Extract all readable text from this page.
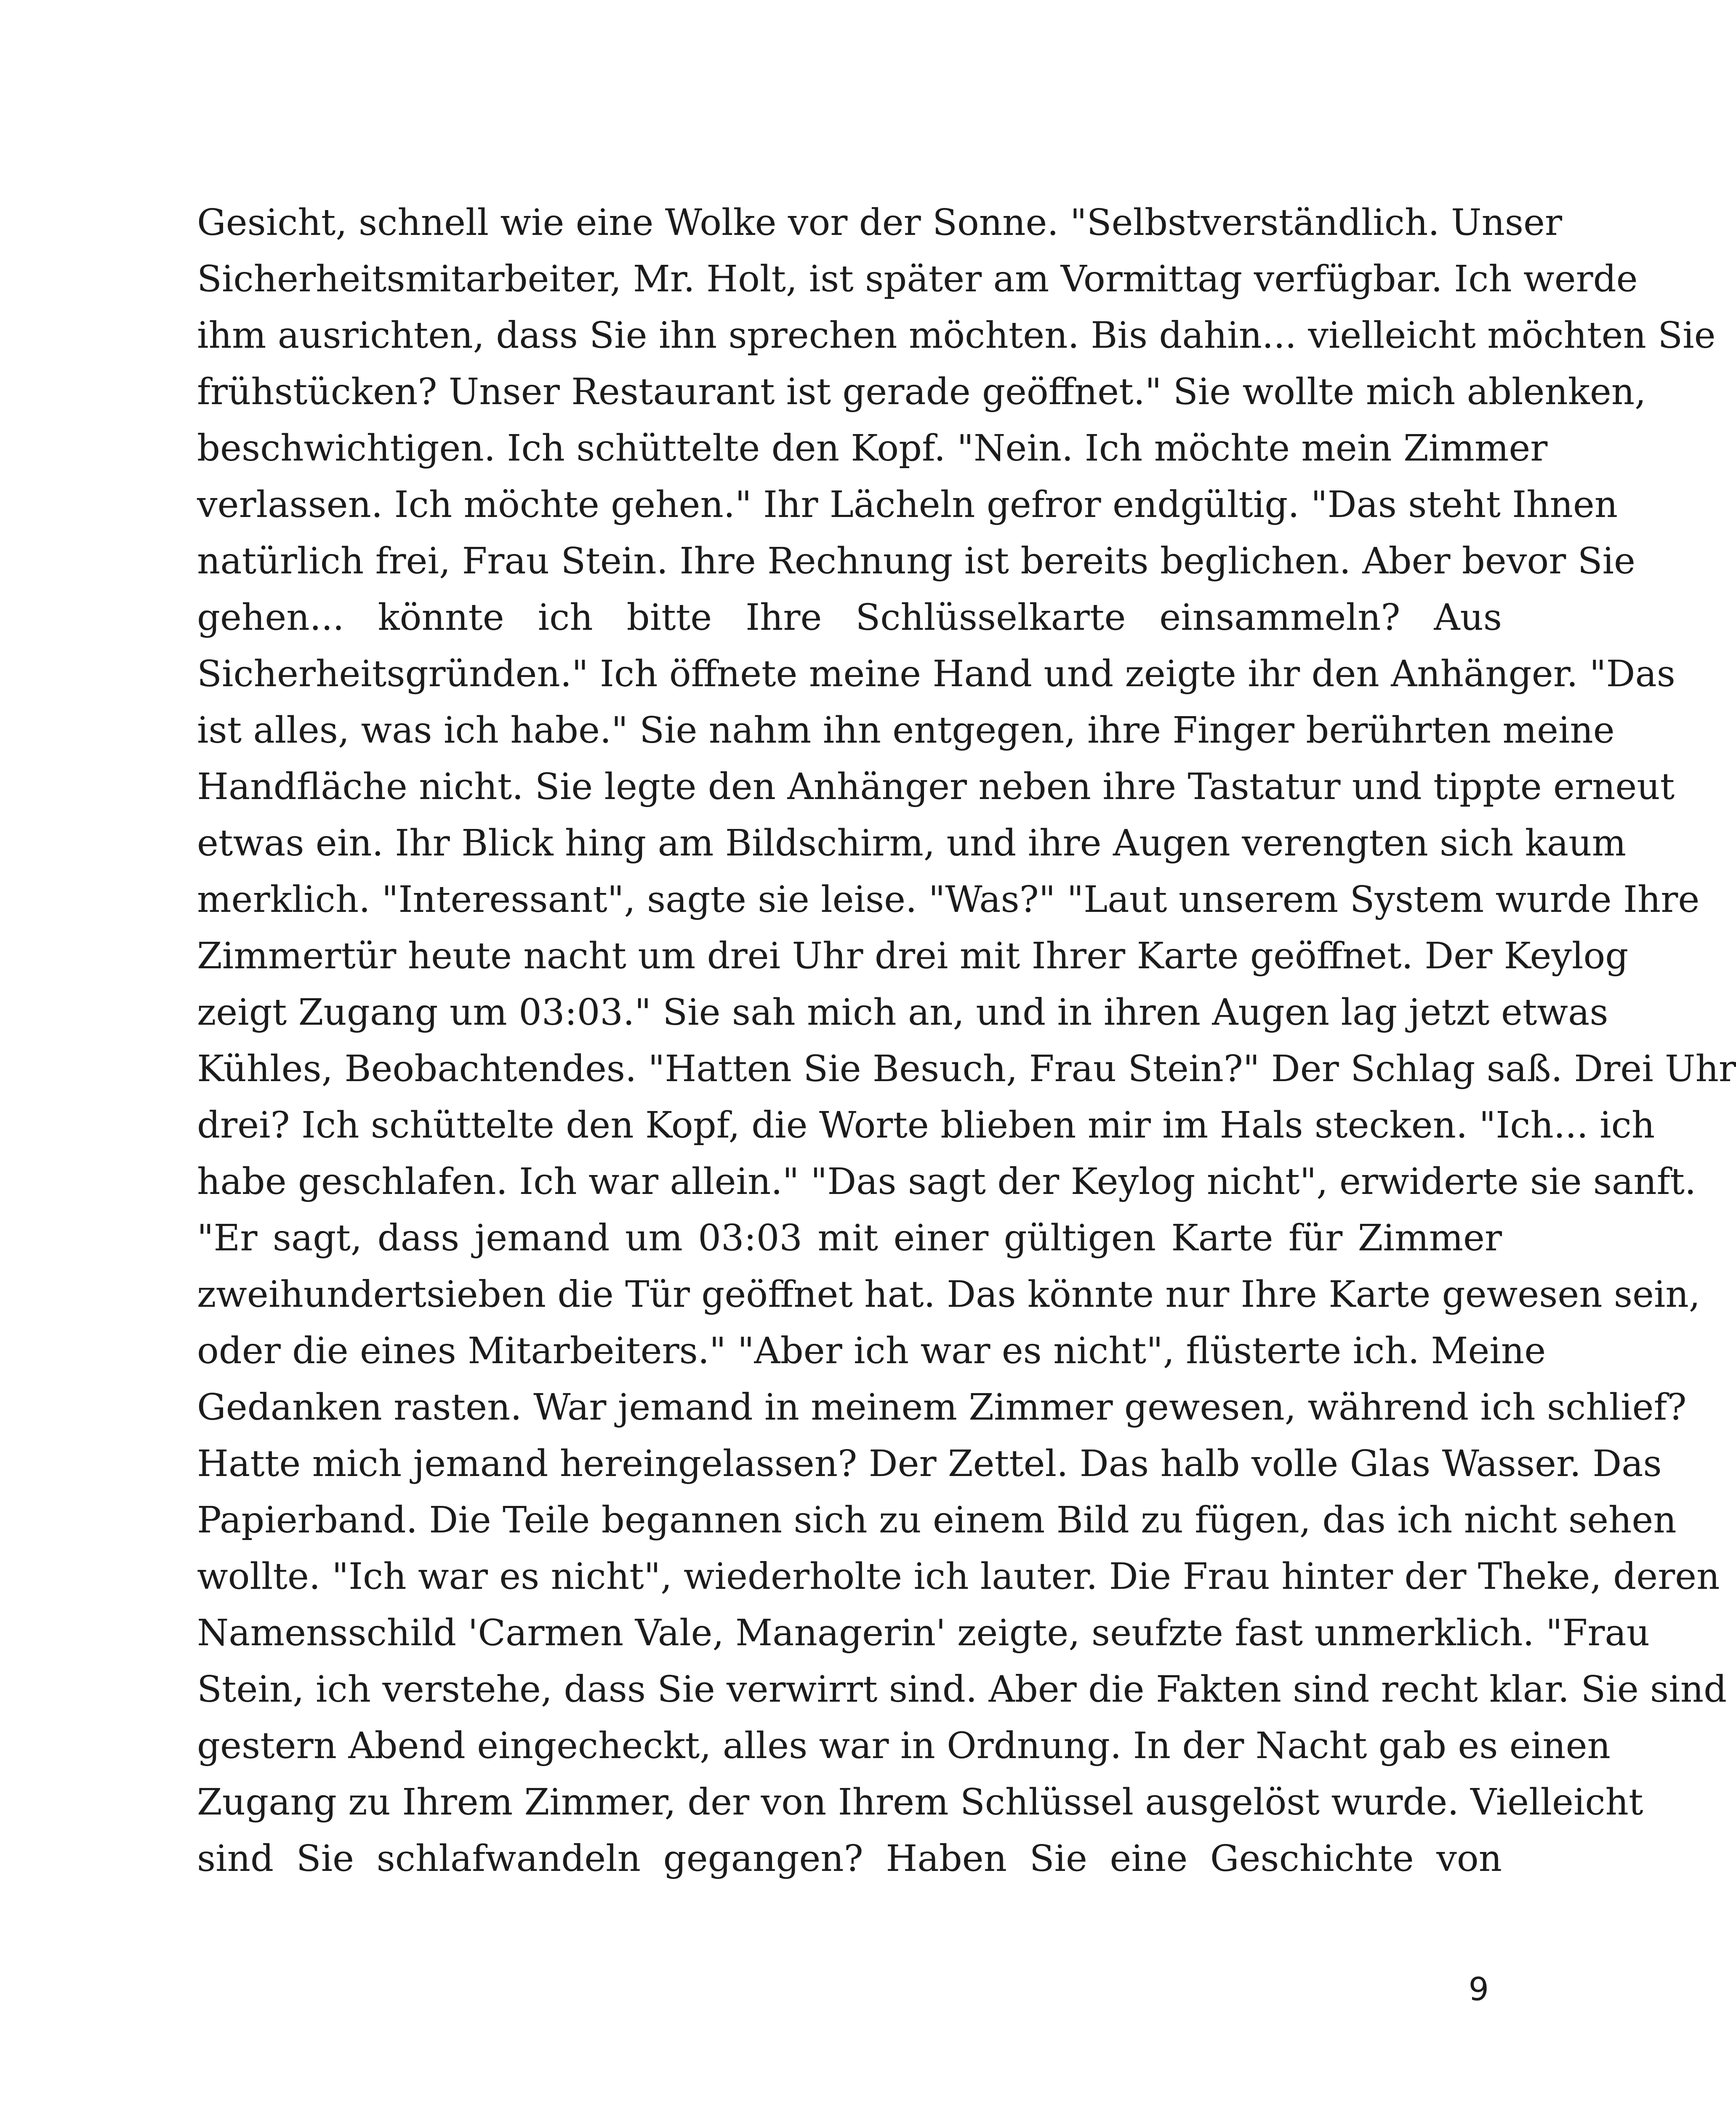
Gesicht, schnell wie eine Wolke vor der Sonne. "Selbstverständlich. Unser
Sicherheitsmitarbeiter, Mr. Holt, ist später am Vormittag verfügbar. Ich werde
ihm ausrichten, dass Sie ihn sprechen möchten. Bis dahin... vielleicht möchten Sie
frühstücken? Unser Restaurant ist gerade geöffnet." Sie wollte mich ablenken,
beschwichtigen. Ich schüttelte den Kopf. "Nein. Ich möchte mein Zimmer
verlassen. Ich möchte gehen." Ihr Lächeln gefror endgültig. "Das steht Ihnen
natürlich frei, Frau Stein. Ihre Rechnung ist bereits beglichen. Aber bevor Sie
gehen... könnte ich bitte Ihre Schlüsselkarte einsammeln? Aus
Sicherheitsgründen." Ich öffnete meine Hand und zeigte ihr den Anhänger. "Das
ist alles, was ich habe." Sie nahm ihn entgegen, ihre Finger berührten meine
Handfläche nicht. Sie legte den Anhänger neben ihre Tastatur und tippte erneut
etwas ein. Ihr Blick hing am Bildschirm, und ihre Augen verengten sich kaum
merklich. "Interessant", sagte sie leise. "Was?" "Laut unserem System wurde Ihre
Zimmertür heute nacht um drei Uhr drei mit Ihrer Karte geöffnet. Der Keylog
zeigt Zugang um 03:03." Sie sah mich an, und in ihren Augen lag jetzt etwas
Kühles, Beobachtendes. "Hatten Sie Besuch, Frau Stein?" Der Schlag saß. Drei Uhr
drei? Ich schüttelte den Kopf, die Worte blieben mir im Hals stecken. "Ich... ich
habe geschlafen. Ich war allein." "Das sagt der Keylog nicht", erwiderte sie sanft.
"Er sagt, dass jemand um 03:03 mit einer gültigen Karte für Zimmer
zweihundertsieben die Tür geöffnet hat. Das könnte nur Ihre Karte gewesen sein,
oder die eines Mitarbeiters." "Aber ich war es nicht", flüsterte ich. Meine
Gedanken rasten. War jemand in meinem Zimmer gewesen, während ich schlief?
Hatte mich jemand hereingelassen? Der Zettel. Das halb volle Glas Wasser. Das
Papierband. Die Teile begannen sich zu einem Bild zu fügen, das ich nicht sehen
wollte. "Ich war es nicht", wiederholte ich lauter. Die Frau hinter der Theke, deren
Namensschild 'Carmen Vale, Managerin' zeigte, seufzte fast unmerklich. "Frau
Stein, ich verstehe, dass Sie verwirrt sind. Aber die Fakten sind recht klar. Sie sind
gestern Abend eingecheckt, alles war in Ordnung. In der Nacht gab es einen
Zugang zu Ihrem Zimmer, der von Ihrem Schlüssel ausgelöst wurde. Vielleicht
sind Sie schlafwandeln gegangen? Haben Sie eine Geschichte von
9
